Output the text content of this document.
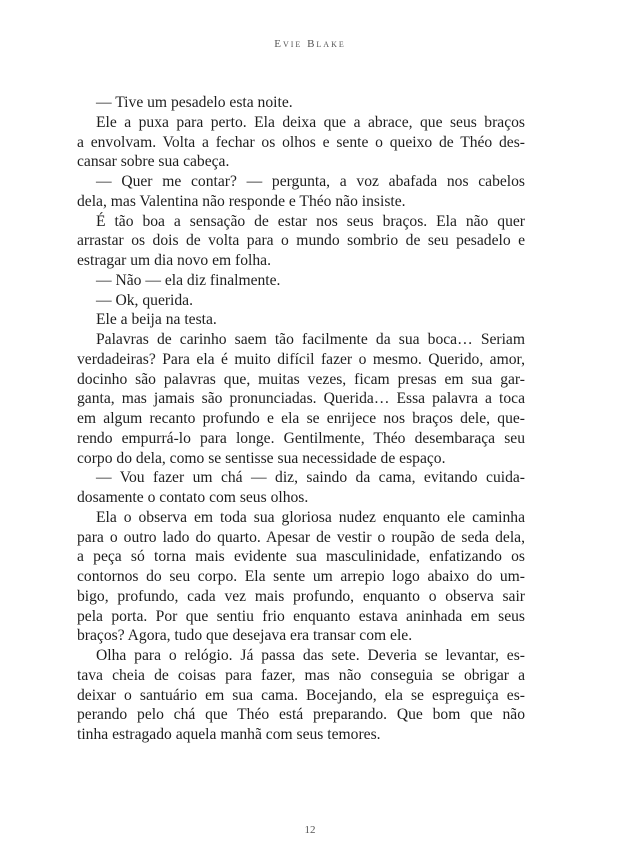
Evie Blake
— Tive um pesadelo esta noite.
Ele a puxa para perto. Ela deixa que a abrace, que seus braços
a envolvam. Volta a fechar os olhos e sente o queixo de Théo des-
cansar sobre sua cabeça.
— Quer me contar? — pergunta, a voz abafada nos cabelos
dela, mas Valentina não responde e Théo não insiste.
É tão boa a sensação de estar nos seus braços. Ela não quer
arrastar os dois de volta para o mundo sombrio de seu pesadelo e
estragar um dia novo em folha.
— Não — ela diz finalmente.
— Ok, querida.
Ele a beija na testa.
Palavras de carinho saem tão facilmente da sua boca… Seriam
verdadeiras? Para ela é muito difícil fazer o mesmo. Querido, amor,
docinho são palavras que, muitas vezes, ficam presas em sua gar-
ganta, mas jamais são pronunciadas. Querida… Essa palavra a toca
em algum recanto profundo e ela se enrijece nos braços dele, que-
rendo empurrá-lo para longe. Gentilmente, Théo desembaraça seu
corpo do dela, como se sentisse sua necessidade de espaço.
— Vou fazer um chá — diz, saindo da cama, evitando cuida-
dosamente o contato com seus olhos.
Ela o observa em toda sua gloriosa nudez enquanto ele caminha
para o outro lado do quarto. Apesar de vestir o roupão de seda dela,
a peça só torna mais evidente sua masculinidade, enfatizando os
contornos do seu corpo. Ela sente um arrepio logo abaixo do um-
bigo, profundo, cada vez mais profundo, enquanto o observa sair
pela porta. Por que sentiu frio enquanto estava aninhada em seus
braços? Agora, tudo que desejava era transar com ele.
Olha para o relógio. Já passa das sete. Deveria se levantar, es-
tava cheia de coisas para fazer, mas não conseguia se obrigar a
deixar o santuário em sua cama. Bocejando, ela se espreguiça es-
perando pelo chá que Théo está preparando. Que bom que não
tinha estragado aquela manhã com seus temores.
12
